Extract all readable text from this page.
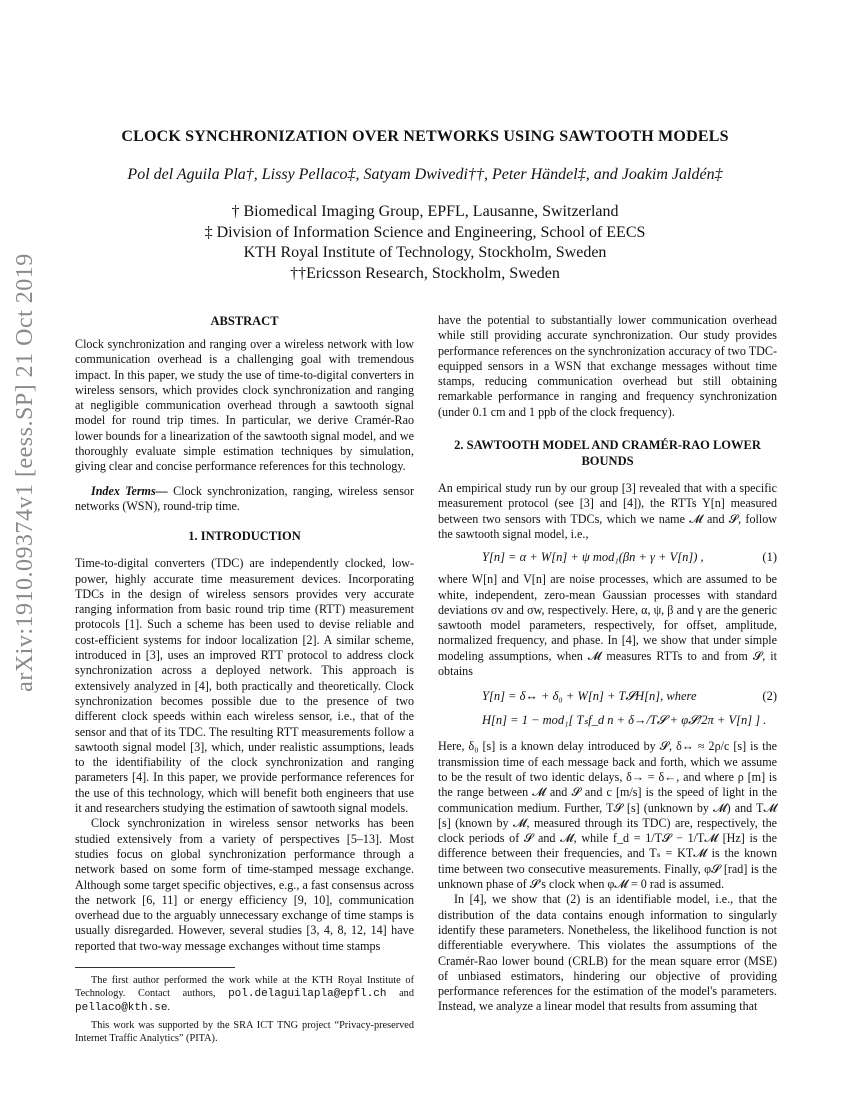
arXiv:1910.09374v1 [eess.SP] 21 Oct 2019
CLOCK SYNCHRONIZATION OVER NETWORKS USING SAWTOOTH MODELS
Pol del Aguila Pla†, Lissy Pellaco‡, Satyam Dwivedi††, Peter Händel‡, and Joakim Jaldén‡
† Biomedical Imaging Group, EPFL, Lausanne, Switzerland
‡ Division of Information Science and Engineering, School of EECS
KTH Royal Institute of Technology, Stockholm, Sweden
††Ericsson Research, Stockholm, Sweden
ABSTRACT

Clock synchronization and ranging over a wireless network with low communication overhead is a challenging goal with tremendous impact. In this paper, we study the use of time-to-digital converters in wireless sensors, which provides clock synchronization and ranging at negligible communication overhead through a sawtooth signal model for round trip times. In particular, we derive Cramér-Rao lower bounds for a linearization of the sawtooth signal model, and we thoroughly evaluate simple estimation techniques by simulation, giving clear and concise performance references for this technology.

Index Terms— Clock synchronization, ranging, wireless sensor networks (WSN), round-trip time.

1. INTRODUCTION

Time-to-digital converters (TDC) are independently clocked, low-power, highly accurate time measurement devices. Incorporating TDCs in the design of wireless sensors provides very accurate ranging information from basic round trip time (RTT) measurement protocols [1]. Such a scheme has been used to devise reliable and cost-efficient systems for indoor localization [2]. A similar scheme, introduced in [3], uses an improved RTT protocol to address clock synchronization across a deployed network. This approach is extensively analyzed in [4], both practically and theoretically. Clock synchronization becomes possible due to the presence of two different clock speeds within each wireless sensor, i.e., that of the sensor and that of its TDC. The resulting RTT measurements follow a sawtooth signal model [3], which, under realistic assumptions, leads to the identifiability of the clock synchronization and ranging parameters [4]. In this paper, we provide performance references for the use of this technology, which will benefit both engineers that use it and researchers studying the estimation of sawtooth signal models.

Clock synchronization in wireless sensor networks has been studied extensively from a variety of perspectives [5–13]. Most studies focus on global synchronization performance through a network based on some form of time-stamped message exchange. Although some target specific objectives, e.g., a fast consensus across the network [6, 11] or energy efficiency [9, 10], communication overhead due to the arguably unnecessary exchange of time stamps is usually disregarded. However, several studies [3, 4, 8, 12, 14] have reported that two-way message exchanges without time stamps

The first author performed the work while at the KTH Royal Institute of Technology. Contact authors, pol.delaguilapla@epfl.ch and pellaco@kth.se.

This work was supported by the SRA ICT TNG project “Privacy-preserved Internet Traffic Analytics” (PITA).

have the potential to substantially lower communication overhead while still providing accurate synchronization. Our study provides performance references on the synchronization accuracy of two TDC-equipped sensors in a WSN that exchange messages without time stamps, reducing communication overhead but still obtaining remarkable performance in ranging and frequency synchronization (under 0.1 cm and 1 ppb of the clock frequency).

2. SAWTOOTH MODEL AND CRAMÉR-RAO LOWER
BOUNDS

An empirical study run by our group [3] revealed that with a specific measurement protocol (see [3] and [4]), the RTTs Y[n] measured between two sensors with TDCs, which we name 𝓜 and 𝓢, follow the sawtooth signal model, i.e.,

Y[n] = α + W[n] + ψ mod₁(βn + γ + V[n]) ,	(1)

where W[n] and V[n] are noise processes, which are assumed to be white, independent, zero-mean Gaussian processes with standard deviations σv and σw, respectively. Here, α, ψ, β and γ are the generic sawtooth model parameters, respectively, for offset, amplitude, normalized frequency, and phase. In [4], we show that under simple modeling assumptions, when 𝓜 measures RTTs to and from 𝓢, it obtains

Y[n] = δ↔ + δ₀ + W[n] + T𝓢H[n], where
H[n] = 1 − mod₁[ Tₛf_d n + δ→/T𝓢 + φ𝓢/2π + V[n] ] .
(2)

Here, δ₀ [s] is a known delay introduced by 𝓢, δ↔ ≈ 2ρ/c [s] is the transmission time of each message back and forth, which we assume to be the result of two identic delays, δ→ = δ←, and where ρ [m] is the range between 𝓜 and 𝓢 and c [m/s] is the speed of light in the communication medium. Further, T𝓢 [s] (unknown by 𝓜) and T𝓜 [s] (known by 𝓜, measured through its TDC) are, respectively, the clock periods of 𝓢 and 𝓜, while f_d = 1/T𝓢 − 1/T𝓜 [Hz] is the difference between their frequencies, and Tₛ = KT𝓜 is the known time between two consecutive measurements. Finally, φ𝓢 [rad] is the unknown phase of 𝓢's clock when φ𝓜 = 0 rad is assumed.

In [4], we show that (2) is an identifiable model, i.e., that the distribution of the data contains enough information to singularly identify these parameters. Nonetheless, the likelihood function is not differentiable everywhere. This violates the assumptions of the Cramér-Rao lower bound (CRLB) for the mean square error (MSE) of unbiased estimators, hindering our objective of providing performance references for the estimation of the model's parameters. Instead, we analyze a linear model that results from assuming that
